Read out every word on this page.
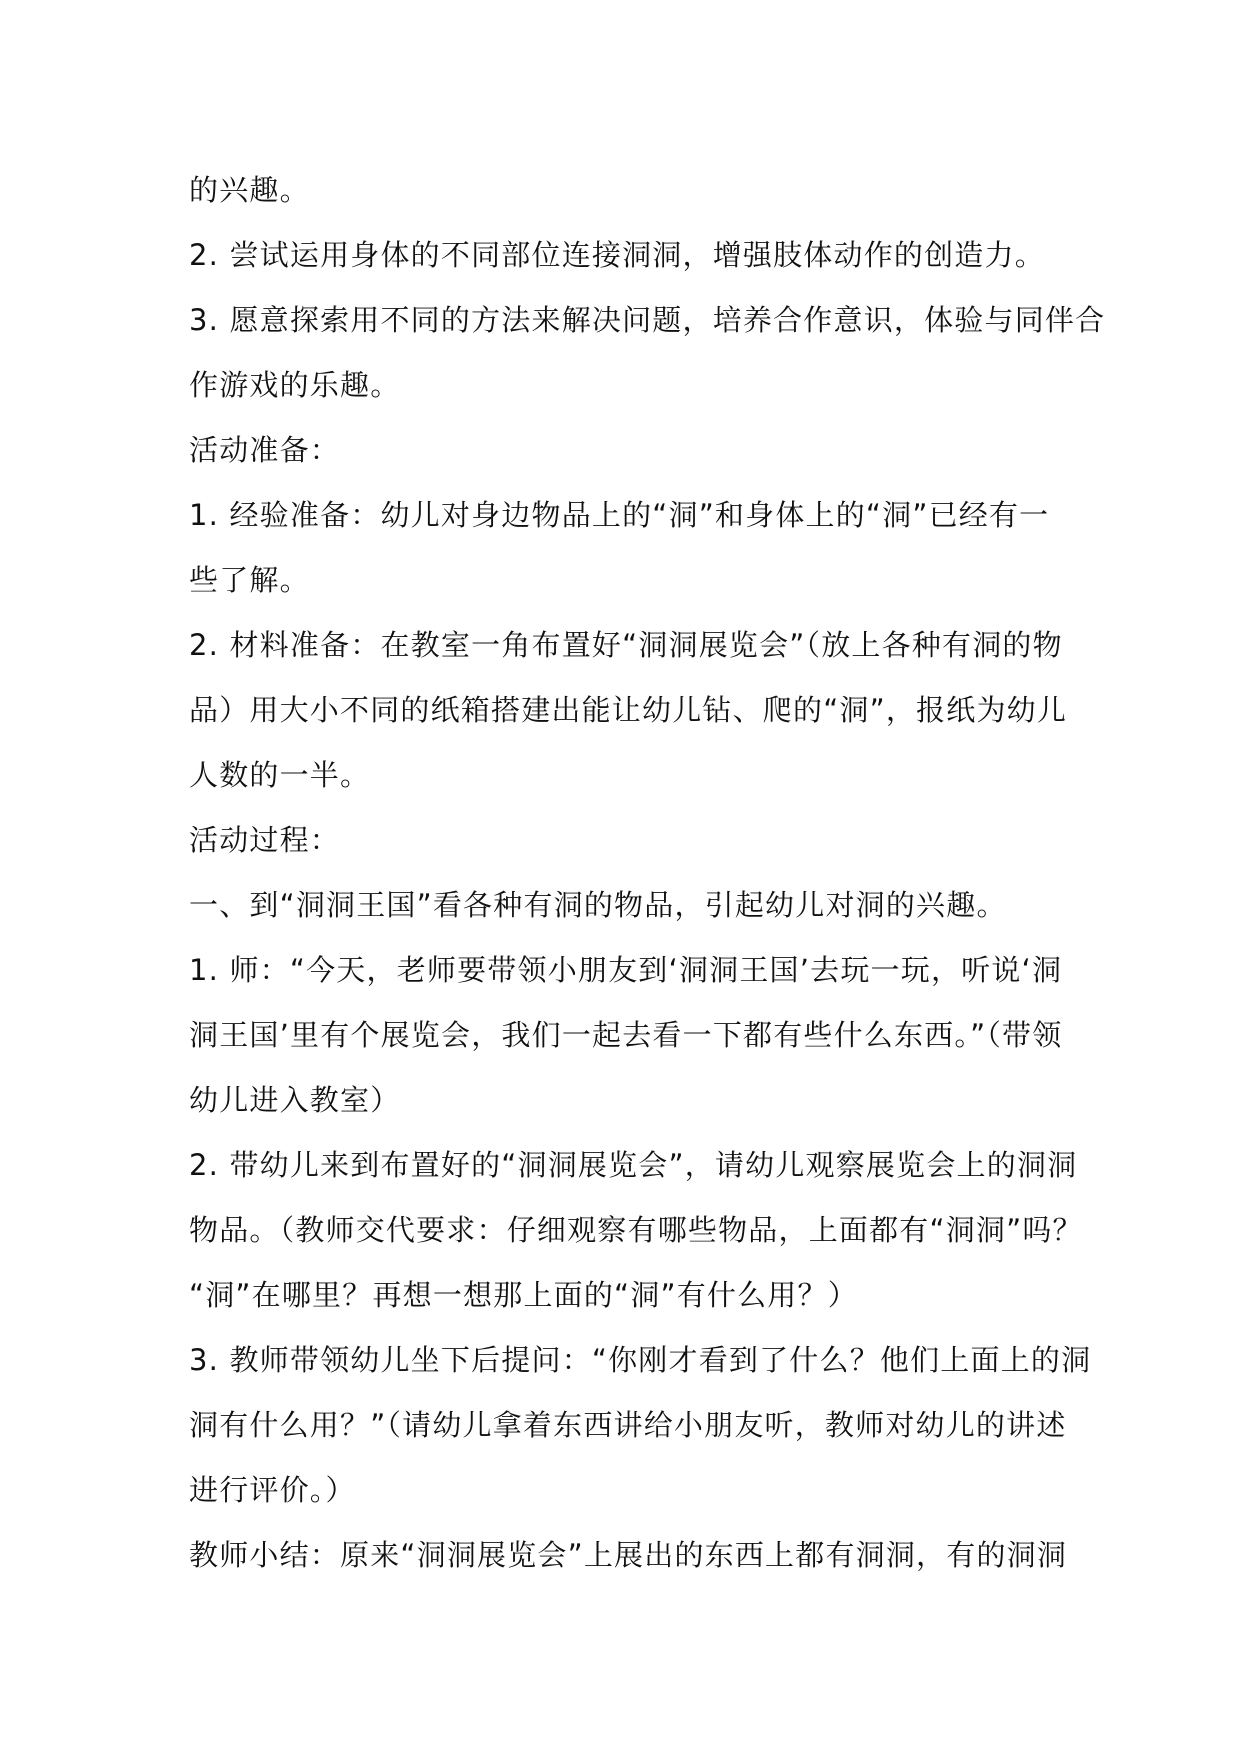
的兴趣。
2. 尝试运用身体的不同部位连接洞洞，增强肢体动作的创造力。
3. 愿意探索用不同的方法来解决问题，培养合作意识，体验与同伴合
作游戏的乐趣。
活动准备：
1. 经验准备：幼儿对身边物品上的“洞”和身体上的“洞”已经有一
些了解。
2. 材料准备：在教室一角布置好“洞洞展览会”（放上各种有洞的物
品）用大小不同的纸箱搭建出能让幼儿钻、爬的“洞”，报纸为幼儿
人数的一半。
活动过程：
一、到“洞洞王国”看各种有洞的物品，引起幼儿对洞的兴趣。
1. 师：“今天，老师要带领小朋友到‘洞洞王国’去玩一玩，听说‘洞
洞王国’里有个展览会，我们一起去看一下都有些什么东西。”（带领
幼儿进入教室）
2. 带幼儿来到布置好的“洞洞展览会”，请幼儿观察展览会上的洞洞
物品。（教师交代要求：仔细观察有哪些物品，上面都有“洞洞”吗？
“洞”在哪里？再想一想那上面的“洞”有什么用？）
3. 教师带领幼儿坐下后提问：“你刚才看到了什么？他们上面上的洞
洞有什么用？”（请幼儿拿着东西讲给小朋友听，教师对幼儿的讲述
进行评价。）
教师小结：原来“洞洞展览会”上展出的东西上都有洞洞，有的洞洞
